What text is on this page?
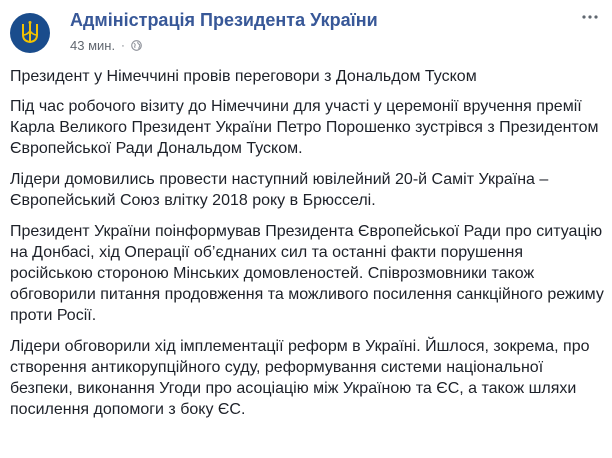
Адміністрація Президента України
43 мин. ·

Президент у Німеччині провів переговори з Дональдом Туском

Під час робочого візиту до Німеччини для участі у церемонії вручення премії Карла Великого Президент України Петро Порошенко зустрівся з Президентом Європейської Ради Дональдом Туском.

Лідери домовились провести наступний ювілейний 20-й Саміт Україна – Європейський Союз влітку 2018 року в Брюсселі.

Президент України поінформував Президента Європейської Ради про ситуацію на Донбасі, хід Операції об’єднаних сил та останні факти порушення російською стороною Мінських домовленостей. Співрозмовники також обговорили питання продовження та можливого посилення санкційного режиму проти Росії.

Лідери обговорили хід імплементації реформ в Україні. Йшлося, зокрема, про створення антикорупційного суду, реформування системи національної безпеки, виконання Угоди про асоціацію між Україною та ЄС, а також шляхи посилення допомоги з боку ЄС.
